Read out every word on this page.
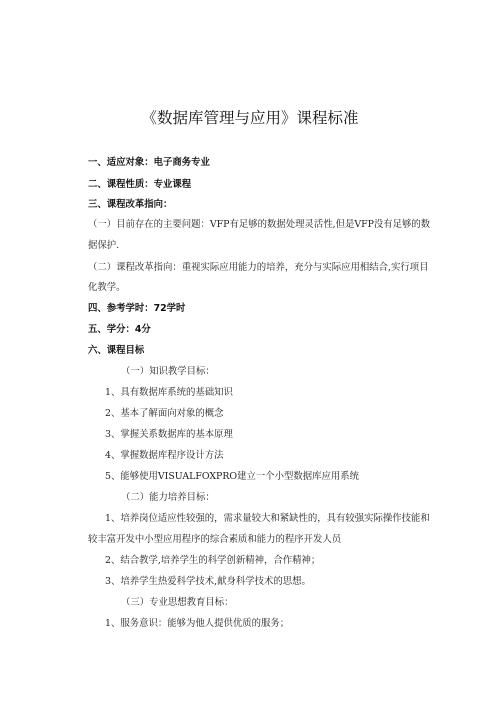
《数据库管理与应用》课程标准

一、适应对象：电子商务专业

二、课程性质：专业课程

三、课程改革指向：

（一）目前存在的主要问题：VFP有足够的数据处理灵活性,但是VFP没有足够的数

据保护.

（二）课程改革指向：重视实际应用能力的培养，充分与实际应用相结合,实行项目

化教学。

四、参考学时：72学时

五、学分：4分

六、课程目标

（一）知识教学目标：

1、具有数据库系统的基础知识

2、基本了解面向对象的概念

3、掌握关系数据库的基本原理

4、掌握数据库程序设计方法

5、能够使用VISUALFOXPRO建立一个小型数据库应用系统

（二）能力培养目标：

1、培养岗位适应性较强的，需求量较大和紧缺性的，具有较强实际操作技能和

较丰富开发中小型应用程序的综合素质和能力的程序开发人员

2、结合教学,培养学生的科学创新精神，合作精神；

3、培养学生热爱科学技术,献身科学技术的思想。

（三）专业思想教育目标：

1、服务意识：能够为他人提供优质的服务；
